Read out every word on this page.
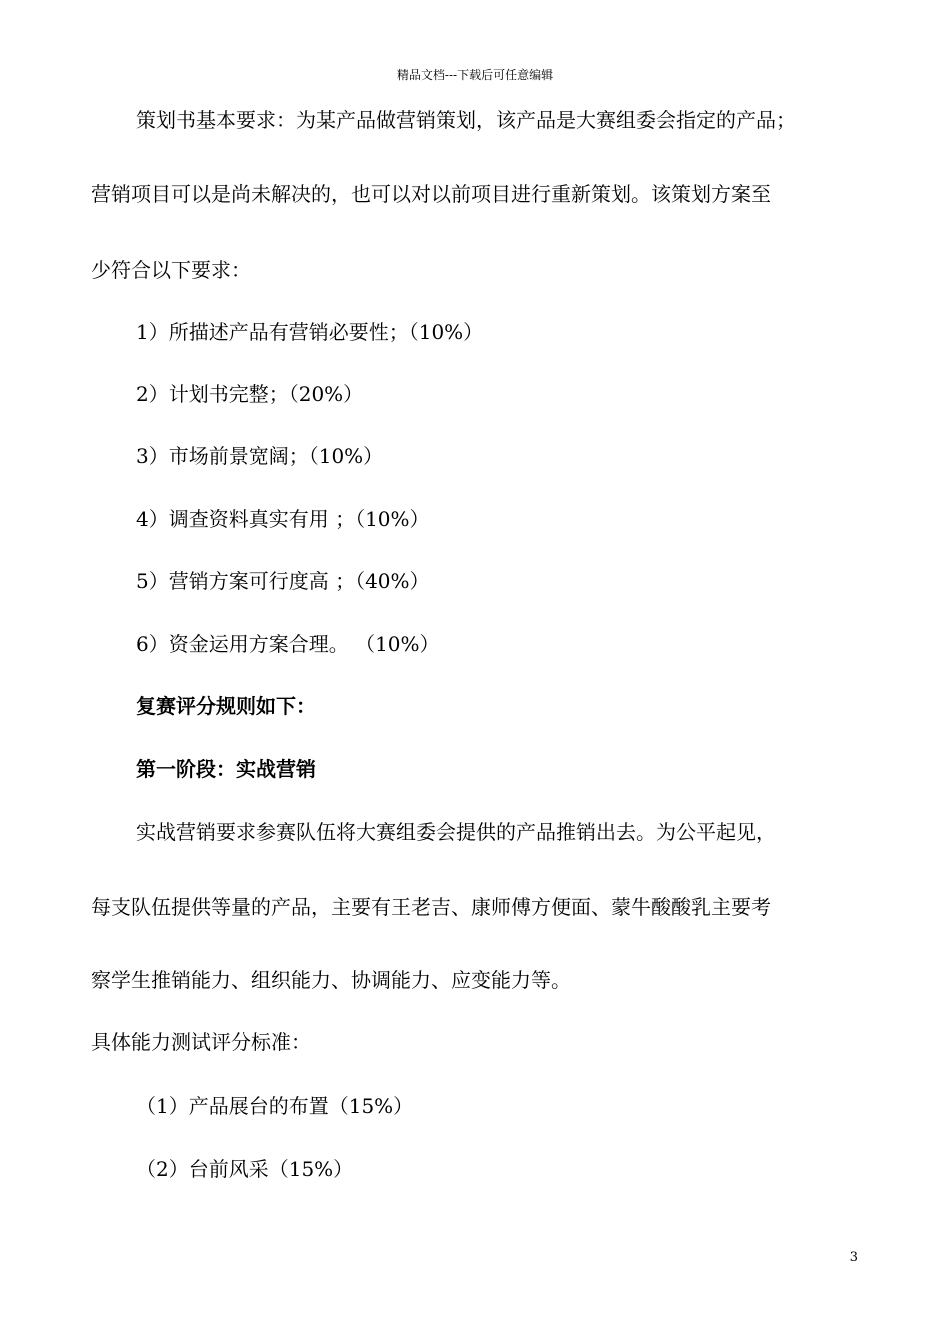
精品文档---下载后可任意编辑
策划书基本要求：为某产品做营销策划，该产品是大赛组委会指定的产品；
营销项目可以是尚未解决的，也可以对以前项目进行重新策划。该策划方案至
少符合以下要求：
1）所描述产品有营销必要性；（10%）
2）计划书完整；（20%）
3）市场前景宽阔；（10%）
4）调查资料真实有用 ；（10%）
5）营销方案可行度高 ；（40%）
6）资金运用方案合理。 （10%）
复赛评分规则如下：
第一阶段：实战营销
实战营销要求参赛队伍将大赛组委会提供的产品推销出去。为公平起见，
每支队伍提供等量的产品，主要有王老吉、康师傅方便面、蒙牛酸酸乳主要考
察学生推销能力、组织能力、协调能力、应变能力等。
具体能力测试评分标准：
（1）产品展台的布置（15%）
（2）台前风采（15%）
3
